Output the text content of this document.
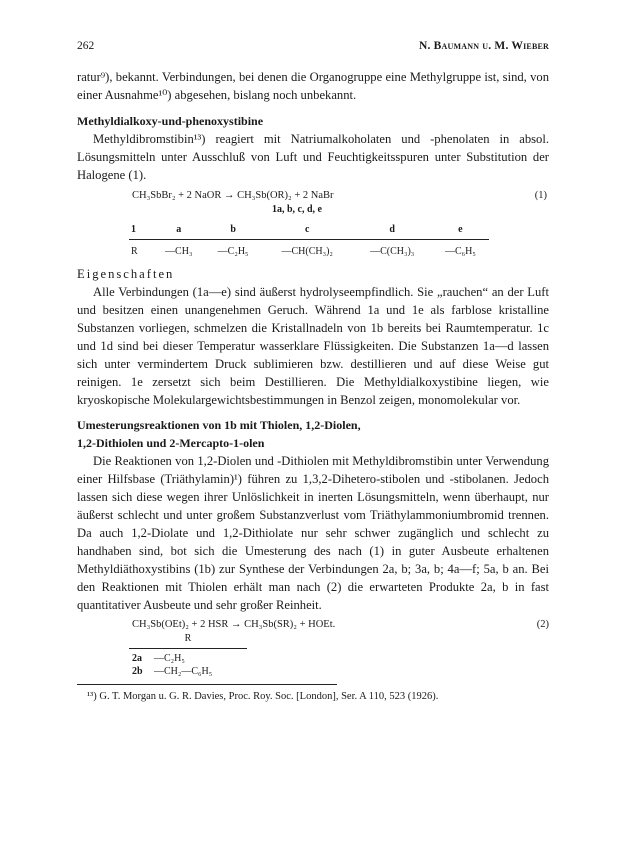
262	N. Baumann u. M. Wieber

ratur⁹), bekannt. Verbindungen, bei denen die Organogruppe eine Methylgruppe ist, sind, von einer Ausnahme¹⁰) abgesehen, bislang noch unbekannt.

Methyldialkoxy-und-phenoxystibine

Methyldibromstibin¹³) reagiert mit Natriumalkoholaten und -phenolaten in absol. Lösungsmitteln unter Ausschluß von Luft und Feuchtigkeitsspuren unter Substitution der Halogene (1).

CH₃SbBr₂ + 2 NaOR → CH₃Sb(OR)₂ + 2 NaBr	(1)
1a, b, c, d, e
1	a	b	c	d	e
R	—CH₃	—C₂H₅	—CH(CH₃)₂	—C(CH₃)₃	—C₆H₅
Eigenschaften

Alle Verbindungen (1a—e) sind äußerst hydrolyseempfindlich. Sie „rauchen“ an der Luft und besitzen einen unangenehmen Geruch. Während 1a und 1e als farblose kristalline Substanzen vorliegen, schmelzen die Kristallnadeln von 1b bereits bei Raumtemperatur. 1c und 1d sind bei dieser Temperatur wasserklare Flüssigkeiten. Die Substanzen 1a—d lassen sich unter vermindertem Druck sublimieren bzw. destillieren und auf diese Weise gut reinigen. 1e zersetzt sich beim Destillieren. Die Methyldialkoxystibine liegen, wie kryoskopische Molekulargewichtsbestimmungen in Benzol zeigen, monomolekular vor.

Umesterungsreaktionen von 1b mit Thiolen, 1,2-Diolen,
1,2-Dithiolen und 2-Mercapto-1-olen

Die Reaktionen von 1,2-Diolen und -Dithiolen mit Methyldibromstibin unter Verwendung einer Hilfsbase (Triäthylamin)¹) führen zu 1,3,2-Dihetero-stibolen und -stibolanen. Jedoch lassen sich diese wegen ihrer Unlöslichkeit in inerten Lösungsmitteln, wenn überhaupt, nur äußerst schlecht und unter großem Substanzverlust vom Triäthylammoniumbromid trennen. Da auch 1,2-Diolate und 1,2-Dithiolate nur sehr schwer zugänglich und schlecht zu handhaben sind, bot sich die Umesterung des nach (1) in guter Ausbeute erhaltenen Methyldiäthoxystibins (1b) zur Synthese der Verbindungen 2a, b; 3a, b; 4a—f; 5a, b an. Bei den Reaktionen mit Thiolen erhält man nach (2) die erwarteten Produkte 2a, b in fast quantitativer Ausbeute und sehr großer Reinheit.

CH₃Sb(OEt)₂ + 2 HSR → CH₃Sb(SR)₂ + HOEt.	(2)
R
2a	—C₂H₅
2b	—CH₂—C₆H₅
¹³) G. T. Morgan u. G. R. Davies, Proc. Roy. Soc. [London], Ser. A 110, 523 (1926).
